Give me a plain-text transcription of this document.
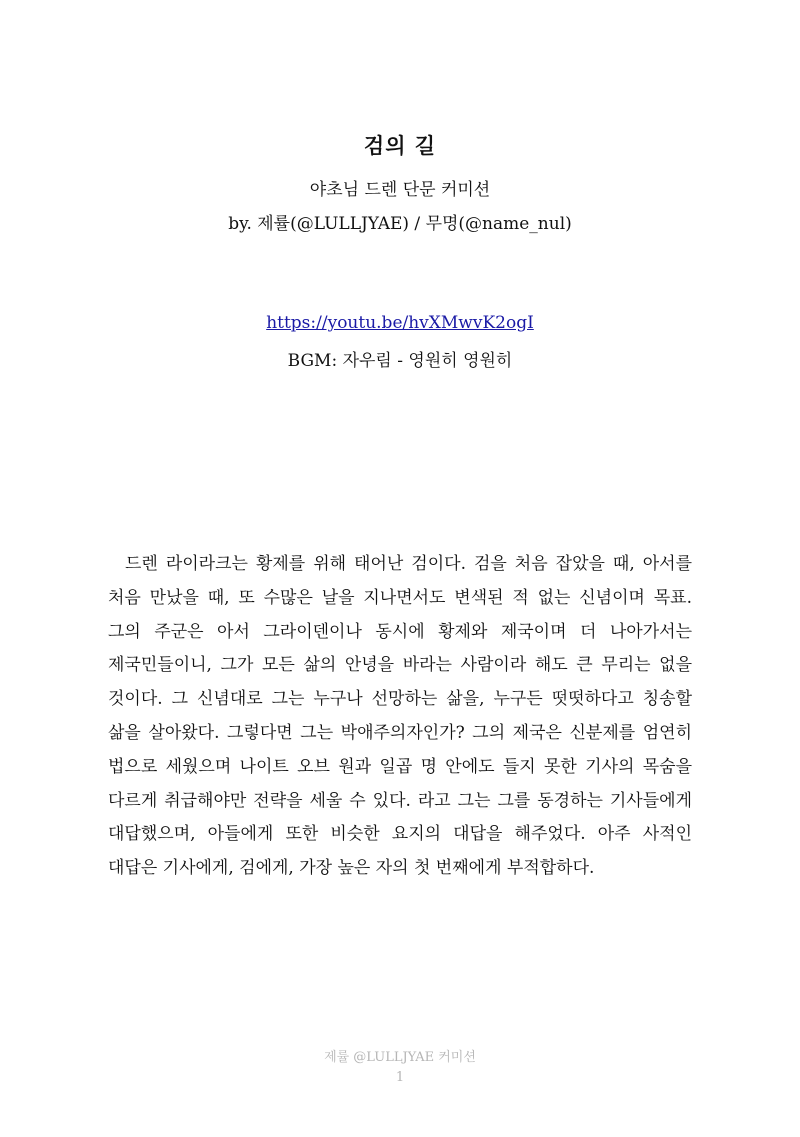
검의 길
야초님 드렌 단문 커미션
by. 제률(@LULLJYAE) / 무명(@name_nul)
https://youtu.be/hvXMwvK2ogI
BGM: 자우림 - 영원히 영원히

드렌 라이라크는 황제를 위해 태어난 검이다. 검을 처음 잡았을 때, 아서를 처음 만났을 때, 또 수많은 날을 지나면서도 변색된 적 없는 신념이며 목표. 그의 주군은 아서 그라이덴이나 동시에 황제와 제국이며 더 나아가서는 제국민들이니, 그가 모든 삶의 안녕을 바라는 사람이라 해도 큰 무리는 없을 것이다. 그 신념대로 그는 누구나 선망하는 삶을, 누구든 떳떳하다고 칭송할 삶을 살아왔다. 그렇다면 그는 박애주의자인가? 그의 제국은 신분제를 엄연히 법으로 세웠으며 나이트 오브 원과 일곱 명 안에도 들지 못한 기사의 목숨을 다르게 취급해야만 전략을 세울 수 있다. 라고 그는 그를 동경하는 기사들에게 대답했으며, 아들에게 또한 비슷한 요지의 대답을 해주었다. 아주 사적인 대답은 기사에게, 검에게, 가장 높은 자의 첫 번째에게 부적합하다.

제률 @LULLJYAE 커미션
1
